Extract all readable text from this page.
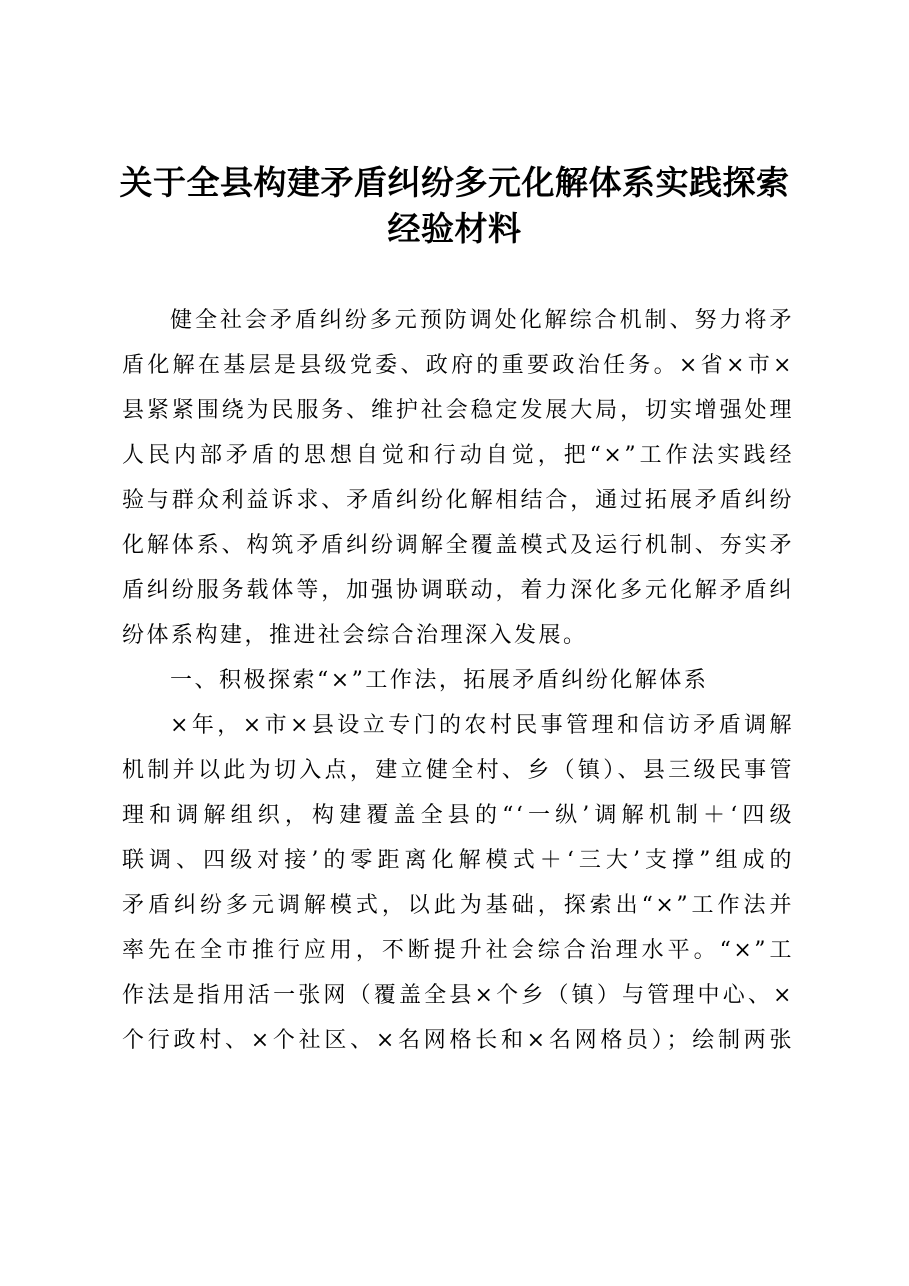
关于全县构建矛盾纠纷多元化解体系实践探索
经验材料
健全社会矛盾纠纷多元预防调处化解综合机制、努力将矛
盾化解在基层是县级党委、政府的重要政治任务。×省×市×
县紧紧围绕为民服务、维护社会稳定发展大局，切实增强处理
人民内部矛盾的思想自觉和行动自觉，把“×”工作法实践经
验与群众利益诉求、矛盾纠纷化解相结合，通过拓展矛盾纠纷
化解体系、构筑矛盾纠纷调解全覆盖模式及运行机制、夯实矛
盾纠纷服务载体等，加强协调联动，着力深化多元化解矛盾纠
纷体系构建，推进社会综合治理深入发展。
一、积极探索“×”工作法，拓展矛盾纠纷化解体系
×年，×市×县设立专门的农村民事管理和信访矛盾调解
机制并以此为切入点，建立健全村、乡（镇）、县三级民事管
理和调解组织，构建覆盖全县的“‘一纵’调解机制＋‘四级
联调、四级对接’的零距离化解模式＋‘三大’支撑”组成的
矛盾纠纷多元调解模式，以此为基础，探索出“×”工作法并
率先在全市推行应用，不断提升社会综合治理水平。“×”工
作法是指用活一张网（覆盖全县×个乡（镇）与管理中心、×
个行政村、×个社区、×名网格长和×名网格员）；绘制两张
